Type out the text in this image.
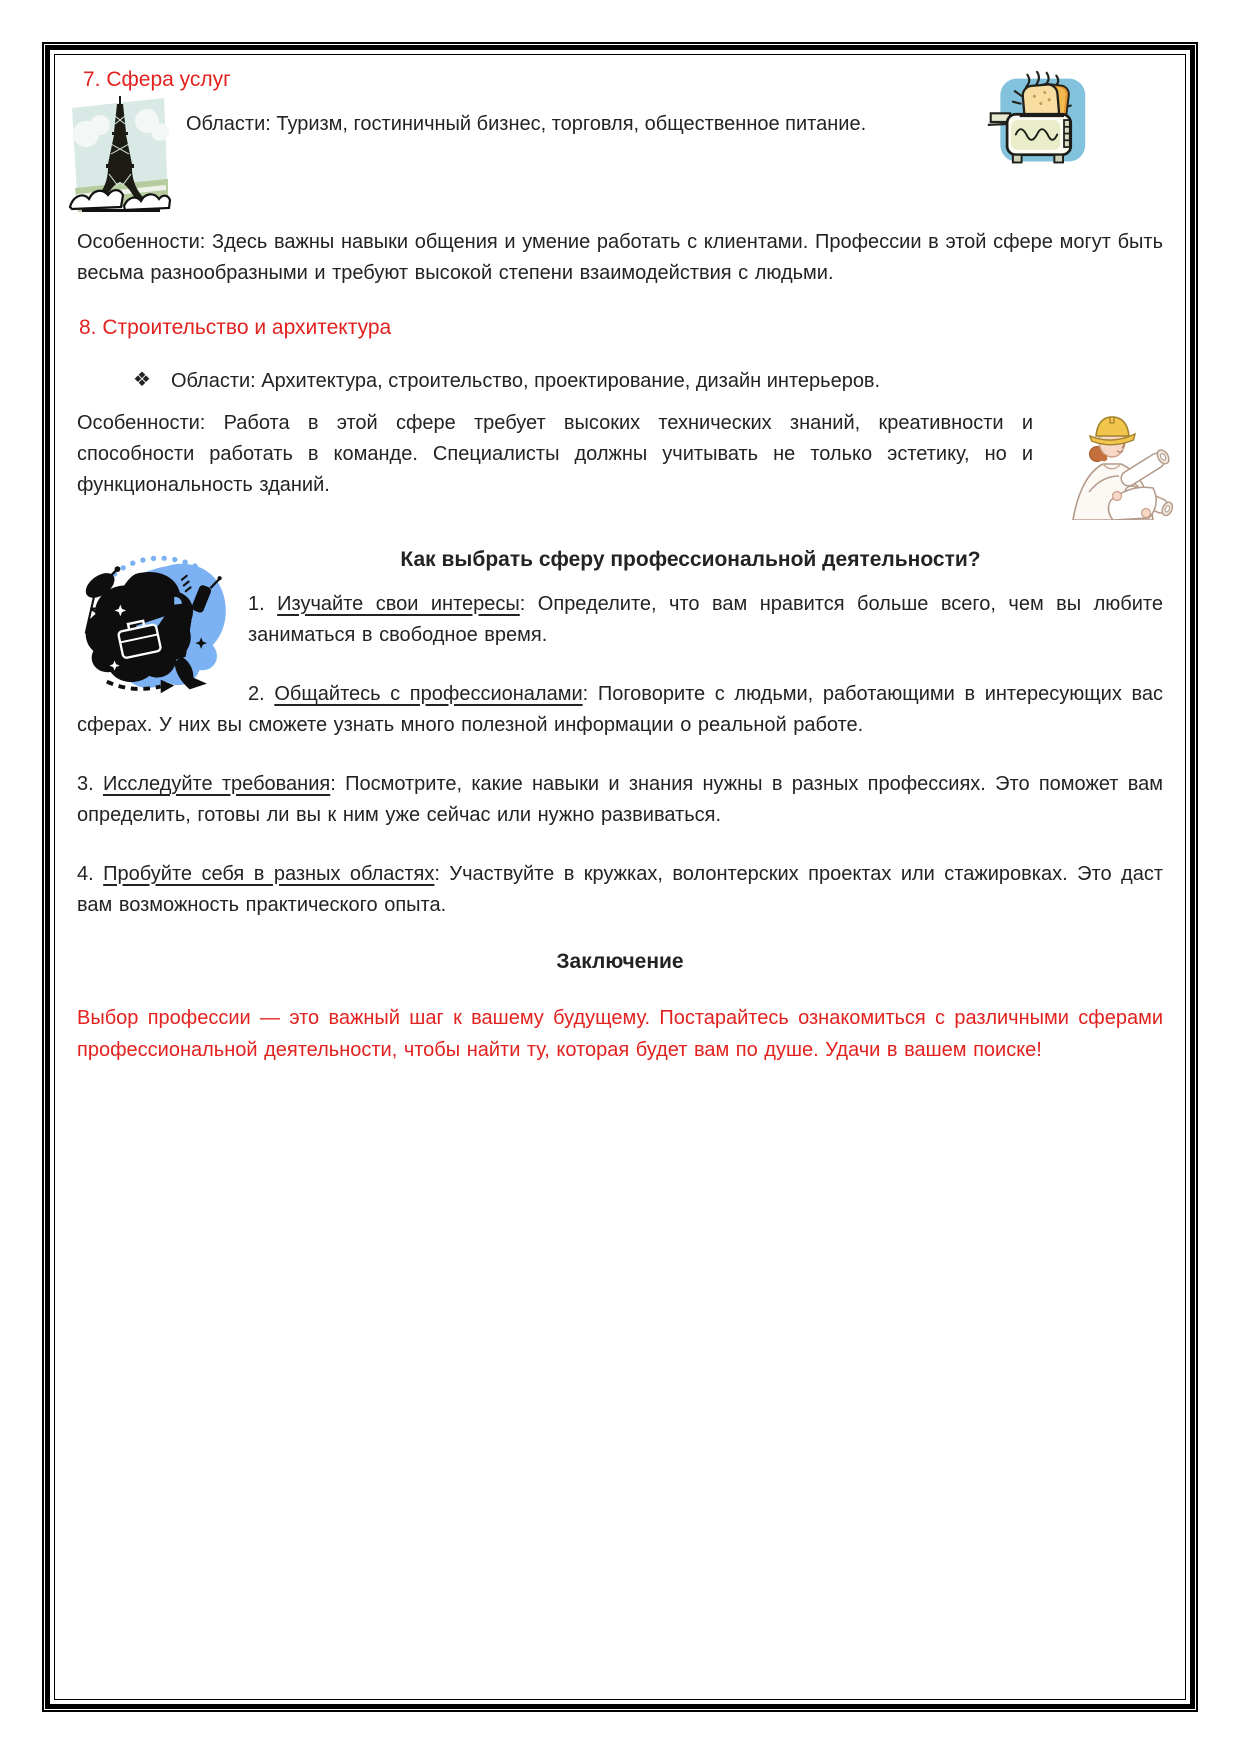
7. Сфера услуг

Области: Туризм, гостиничный бизнес, торговля, общественное питание.

Особенности: Здесь важны навыки общения и умение работать с клиентами. Профессии в этой сфере могут быть весьма разнообразными и требуют высокой степени взаимодействия с людьми.

8. Строительство и архитектура

❖ Области: Архитектура, строительство, проектирование, дизайн интерьеров.

Особенности: Работа в этой сфере требует высоких технических знаний, креативности и способности работать в команде. Специалисты должны учитывать не только эстетику, но и функциональность зданий.

Как выбрать сферу профессиональной деятельности?

1. Изучайте свои интересы: Определите, что вам нравится больше всего, чем вы любите заниматься в свободное время.

2. Общайтесь с профессионалами: Поговорите с людьми, работающими в интересующих вас сферах. У них вы сможете узнать много полезной информации о реальной работе.

3. Исследуйте требования: Посмотрите, какие навыки и знания нужны в разных профессиях. Это поможет вам определить, готовы ли вы к ним уже сейчас или нужно развиваться.

4. Пробуйте себя в разных областях: Участвуйте в кружках, волонтерских проектах или стажировках. Это даст вам возможность практического опыта.

Заключение

Выбор профессии — это важный шаг к вашему будущему. Постарайтесь ознакомиться с различными сферами профессиональной деятельности, чтобы найти ту, которая будет вам по душе. Удачи в вашем поиске!
